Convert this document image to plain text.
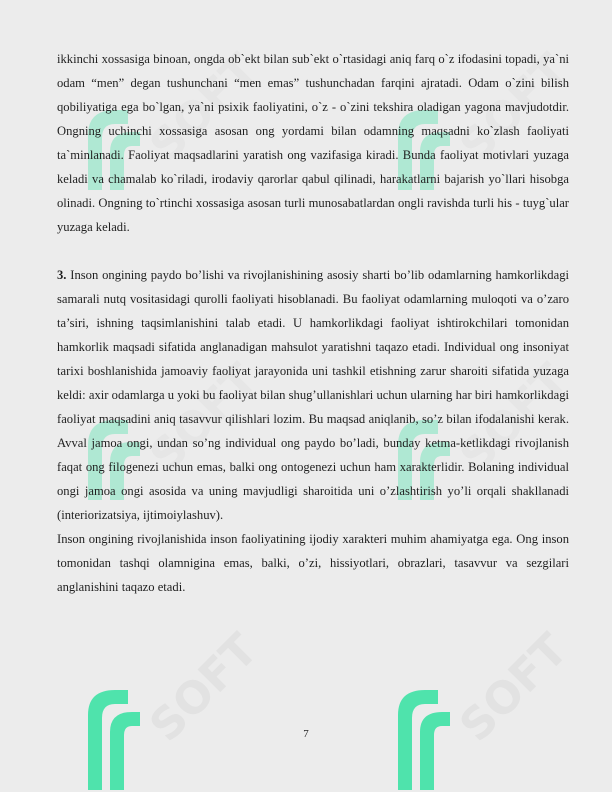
SOFT	SOFT
SOFT	SOFT
SOFT	SOFT

ikkinchi xossasiga binoan, ongda ob`ekt bilan sub`ekt o`rtasidagi aniq farq o`z ifodasini topadi, ya`ni odam “men” degan tushunchani “men emas” tushunchadan farqini ajratadi. Odam o`zini bilish qobiliyatiga ega bo`lgan, ya`ni psixik faoliyatini, o`z - o`zini tekshira oladigan yagona mavjudotdir. Ongning uchinchi xossasiga asosan ong yordami bilan odamning maqsadni ko`zlash faoliyati ta`minlanadi. Faoliyat maqsadlarini yaratish ong vazifasiga kiradi. Bunda faoliyat motivlari yuzaga keladi va chamalab ko`riladi, irodaviy qarorlar qabul qilinadi, harakatlarni bajarish yo`llari hisobga olinadi. Ongning to`rtinchi xossasiga asosan turli munosabatlardan ongli ravishda turli his - tuyg`ular yuzaga keladi.

3. Inson ongining paydo bo’lishi va rivojlanishining asosiy sharti bo’lib odamlarning hamkorlikdagi samarali nutq vositasidagi qurolli faoliyati hisoblanadi. Bu faoliyat odamlarning muloqoti va o’zaro ta’siri, ishning taqsimlanishini talab etadi. U hamkorlikdagi faoliyat ishtirokchilari tomonidan hamkorlik maqsadi sifatida anglanadigan mahsulot yaratishni taqazo etadi. Individual ong insoniyat tarixi boshlanishida jamoaviy faoliyat jarayonida uni tashkil etishning zarur sharoiti sifatida yuzaga keldi: axir odamlarga u yoki bu faoliyat bilan shug’ullanishlari uchun ularning har biri hamkorlikdagi faoliyat maqsadini aniq tasavvur qilishlari lozim. Bu maqsad aniqlanib, so’z bilan ifodalanishi kerak. Avval jamoa ongi, undan so’ng individual ong paydo bo’ladi, bunday ketma-ketlikdagi rivojlanish faqat ong filogenezi uchun emas, balki ong ontogenezi uchun ham xarakterlidir. Bolaning individual ongi jamoa ongi asosida va uning mavjudligi sharoitida uni o’zlashtirish yo’li orqali shakllanadi (interiorizatsiya, ijtimoiylashuv).

Inson ongining rivojlanishida inson faoliyatining ijodiy xarakteri muhim ahamiyatga ega. Ong inson tomonidan tashqi olamnigina emas, balki, o’zi, hissiyotlari, obrazlari, tasavvur va sezgilari anglanishini taqazo etadi.

7
